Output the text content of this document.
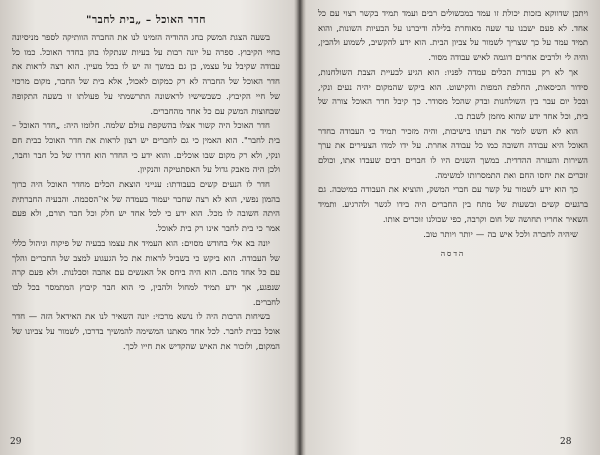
חדר האוכל – „בית לחבר"

בשעה הצגת המשק בחג ההודיה הזמינו לנו את החברה הוותיקה לספר מניסיונה בחיי הקיבוץ. ספרה על יונה רבות על בעיות שנתקלו בהן בחדר האוכל. כמו כל עבודה שקיבל על עצמו, כן גם במשך זה יש לו בכל מעיין. הוא רצה לראות את חדר האוכל של החברה לא רק כמקום לאכול, אלא בית של החבר, מקום מרכזי של חיי הקיבוץ. כשבשישיו לראשונה התרשמתי על פעולתו זו בשעה התקופה שבחוצות המשק עם כל אחד מהחברים.

חדר האוכל היה קשור אצלו בהשקפת עולם שלמה. חלומו היה: „חדר האוכל – בית לחבר". הוא האמין כי גם לחברים יש רצון לראות את חדר האוכל כבית חם ונקי, ולא רק מקום שבו אוכלים. והוא ידע כי החדר הוא חדרו של כל חבר וחבר, ולכן היה מאבק גדול על האסתטיקה והנקיון.

חדר לו הנעים קשים בעבודתו: ענייני הוצאת הכלים מחדר האוכל היה כרוך בהמון נפשי, הוא לא רצה שחבר יעמוד בעמדה של אי־הסכמה. והבעיה החברתית היתה חשובה לו מכל. הוא ידע כי לכל אחד יש חלק וכל חבר תורם, ולא פעם אמר כי בית לחבר אינו רק בית לאוכל.

יונה בא אלי בחודש מסוים: הוא העמיד את עצמו בבעיה של פיקוח וניהול כללי של העבודה. הוא ביקש כי בשביל לראות את כל הגעגוע למצב של החברים והלך עם כל אחד מהם. הוא היה ביחס אל האנשים עם אהבה וסבלנות. ולא פעם קרה שנפגע, אך ידע תמיד למחול ולהבין, כי הוא חבר קיבוץ המתמסר בכל לבו לחברים.

בשיחות הרבות היה לו נושא מרכזי: יונה השאיר לנו את האידאל הזה — חדר אוכל כבית לחבר. לכל אחד מאתנו המשימה להמשיך בדרכו, לשמור על צביונו של המקום, ולזכור את האיש שהקדיש את חייו לכך.

29

ויתכן שדווקא בזכות יכולת זו עמד במכשולים רבים ועמד תמיד בקשר רצוי עם כל אחד. לא פעם ישבנו עד שעה מאוחרת בלילה ודיברנו על הבעיות השונות, והוא תמיד עמד על כך שצריך לשמור על צביון הבית. הוא ידע להקשיב, לשמוע ולהבין, והיה לי ולרבים אחרים דוגמה לאיש עבודה מסור.

אך לא רק עבודת הכלים עמדה לפניו: הוא הגיע לבעיית הצבת השולחנות, סידור הכיסאות, החלפת המפות והקישוט. הוא ביקש שהמקום יהיה נעים ונקי, ובכל יום עבר בין השולחנות ובדק שהכל מסודר. כך קיבל חדר האוכל צורה של בית, וכל אחד ידע שהוא מוזמן לשבת בו.

הוא לא חשש לומר את דעתו בישיבות, והיה מזכיר תמיד כי העבודה בחדר האוכל היא עבודה חשובה כמו כל עבודה אחרת. על ידו למדו הצעירים את ערך השירות והעזרה ההדדית. במשך השנים היו לו חברים רבים שעבדו אתו, וכולם זוכרים את יחסו החם ואת התמסרותו למשימה.

כך הוא ידע לשמור על קשר עם חברי המשק, והוציא את העבודה במיטבה. גם ברגעים קשים ובשעות של מתח בין החברים היה בידו לגשר ולהרגיע. ותמיד השאיר אחריו תחושה של חום וקרבה, כפי שכולנו זוכרים אותו.

שיהיה לחברה ולכל איש בה — יותר ויותר טוב.

הדסה

28
